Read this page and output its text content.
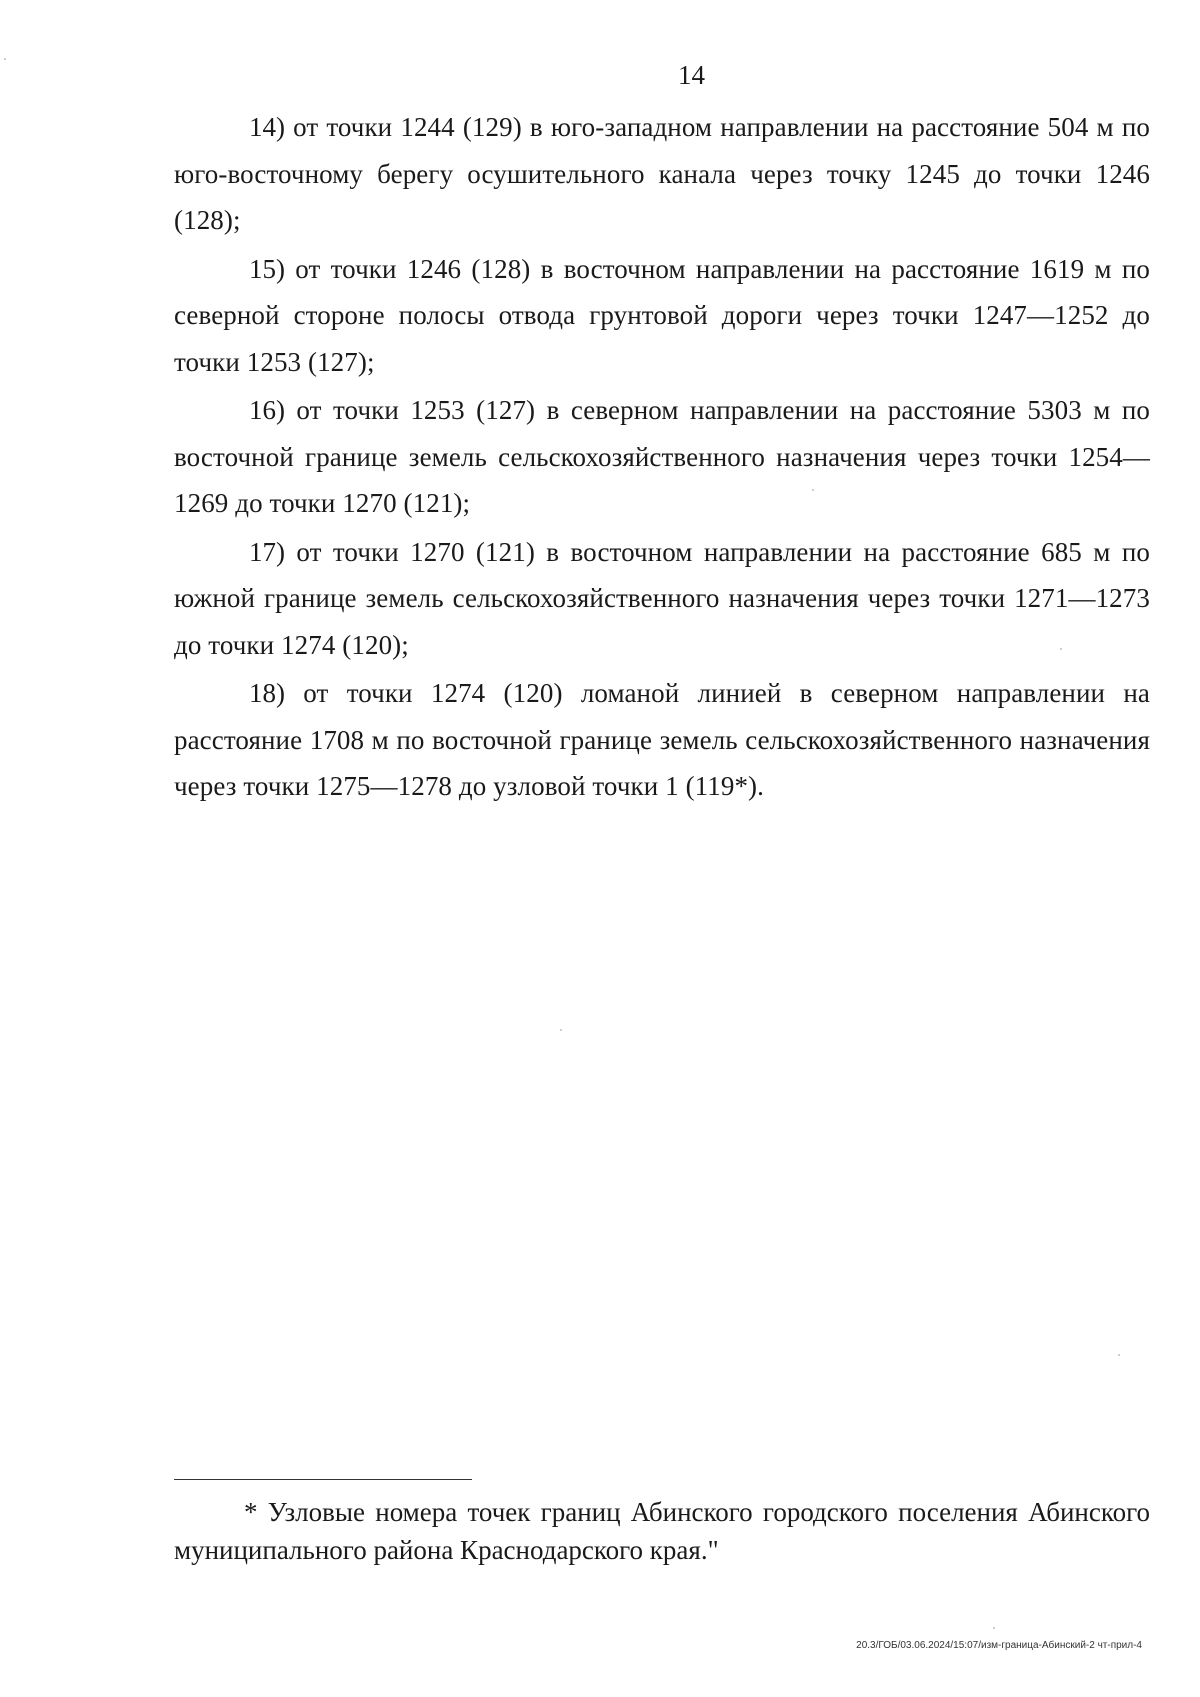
14

14) от точки 1244 (129) в юго-западном направлении на расстояние 504 м по юго-восточному берегу осушительного канала через точку 1245 до точки 1246 (128);

15) от точки 1246 (128) в восточном направлении на расстояние 1619 м по северной стороне полосы отвода грунтовой дороги через точки 1247—1252 до точки 1253 (127);

16) от точки 1253 (127) в северном направлении на расстояние 5303 м по восточной границе земель сельскохозяйственного назначения через точки 1254—1269 до точки 1270 (121);

17) от точки 1270 (121) в восточном направлении на расстояние 685 м по южной границе земель сельскохозяйственного назначения через точки 1271—1273 до точки 1274 (120);

18) от точки 1274 (120) ломаной линией в северном направлении на расстояние 1708 м по восточной границе земель сельскохозяйственного назначения через точки 1275—1278 до узловой точки 1 (119*).

* Узловые номера точек границ Абинского городского поселения Абинского муниципального района Краснодарского края."

20.3/ГОБ/03.06.2024/15:07/изм-граница-Абинский-2 чт-прил-4
